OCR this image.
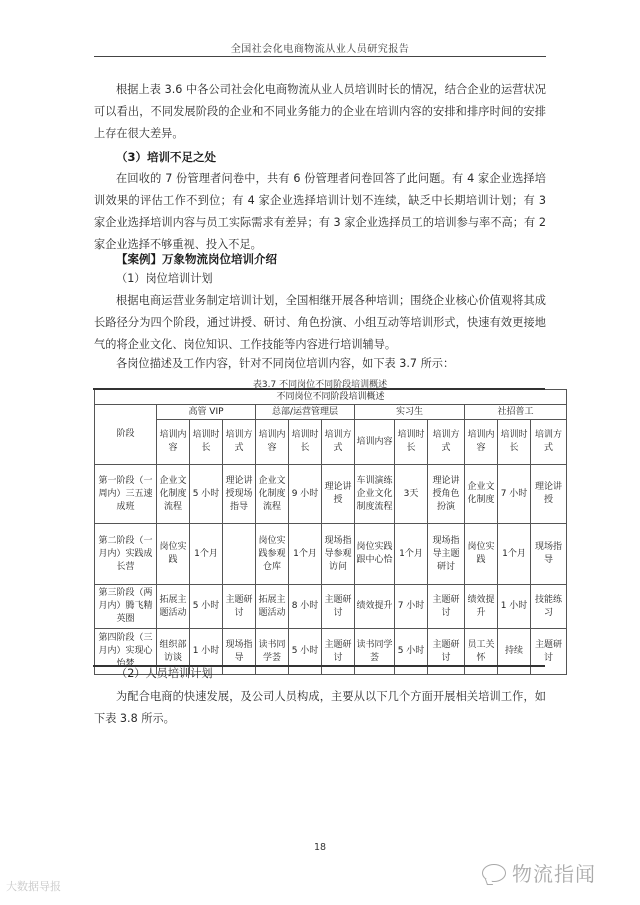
全国社会化电商物流从业人员研究报告

根据上表 3.6 中各公司社会化电商物流从业人员培训时长的情况，结合企业的运营状况可以看出，不同发展阶段的企业和不同业务能力的企业在培训内容的安排和排序时间的安排上存在很大差异。

（3）培训不足之处

在回收的 7 份管理者问卷中，共有 6 份管理者问卷回答了此问题。有 4 家企业选择培训效果的评估工作不到位；有 4 家企业选择培训计划不连续，缺乏中长期培训计划；有 3 家企业选择培训内容与员工实际需求有差异；有 3 家企业选择员工的培训参与率不高；有 2 家企业选择不够重视、投入不足。

【案例】万象物流岗位培训介绍

（1）岗位培训计划

根据电商运营业务制定培训计划，全国相继开展各种培训；围绕企业核心价值观将其成长路径分为四个阶段，通过讲授、研讨、角色扮演、小组互动等培训形式，快速有效更接地气的将企业文化、岗位知识、工作技能等内容进行培训辅导。

各岗位描述及工作内容，针对不同岗位培训内容，如下表 3.7 所示：

表3.7 不同岗位不同阶段培训概述
不同岗位不同阶段培训概述												
阶段	高管 VIP			总部/运营管理层			实习生			社招普工		
	培训内容	培训时长	培训方式	培训内容	培训时长	培训方式	培训内容	培训时长	培训方式	培训内容	培训时长	培训方式
第一阶段（一周内）三五速成班	企业文化制度流程	5 小时	理论讲授现场指导	企业文化制度流程	9 小时	理论讲授	车训演练企业文化制度流程	3天	理论讲授角色扮演	企业文化制度	7 小时	理论讲授
第二阶段（一月内）实践成长营	岗位实践	1个月		岗位实践参观仓库	1个月	现场指导参观访问	岗位实践跟中心恰	1个月	现场指导主题研讨	岗位实践	1个月	现场指导
第三阶段（两月内）腾飞精英圈	拓展主题活动	5 小时	主题研讨	拓展主题活动	8 小时	主题研讨	绩效提升	7 小时	主题研讨	绩效提升	1 小时	技能练习
第四阶段（三月内）实现心怡梦	组织部访谈	1 小时	现场指导	读书同学荟	5 小时	主题研讨	读书同学荟	5 小时	主题研讨	员工关怀	持续	主题研讨

（2）人员培训计划

为配合电商的快速发展，及公司人员构成，主要从以下几个方面开展相关培训工作，如下表 3.8 所示。

18
大数据导报
物流指闻
